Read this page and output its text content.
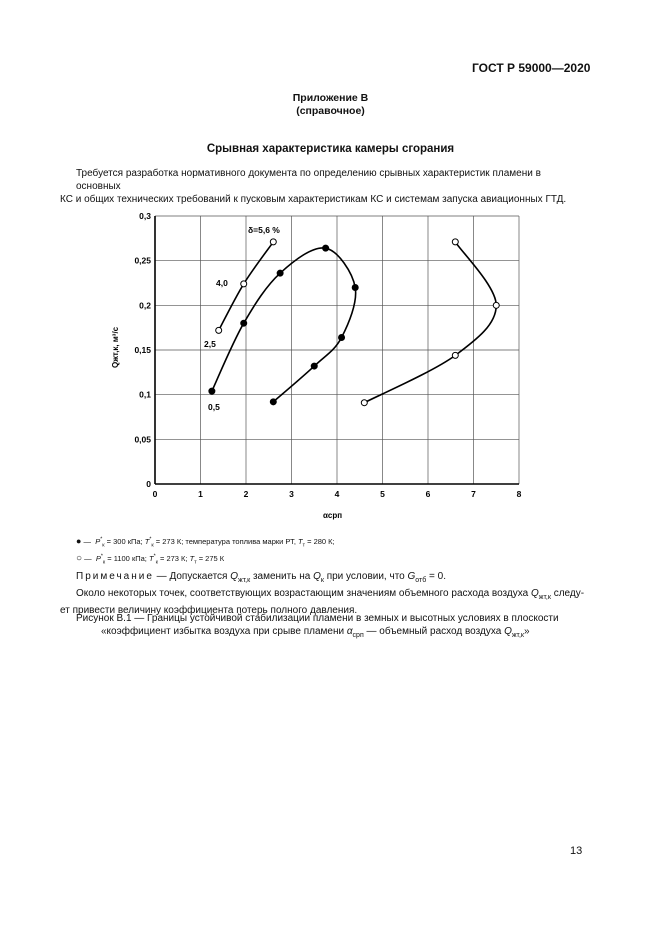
ГОСТ Р 59000—2020
Приложение В
(справочное)
Срывная характеристика камеры сгорания
Требуется разработка нормативного документа по определению срывных характеристик пламени в основных
КС и общих технических требований к пусковым характеристикам КС и системам запуска авиационных ГТД.
0	1	2	3	4	5	6	7	8
0
0,05
0,1
0,15
0,2
0,25
0,3
αсрп
Qжт,к, м³/с
δ=5,6 %
4,0
2,5
0,5
● — $P^*_к = 300$ кПа; $T^*_к = 273$ К; температура топлива марки РТ, $T_т = 280$ К;
○ — $P^*_к = 1100$ кПа; $T^*_к = 273$ К; $T_т = 275$ К
Примечание — Допускается $Q_{жт,к}$ заменить на $Q_к$ при условии, что $G_{отб} = 0$.
Около некоторых точек, соответствующих возрастающим значениям объемного расхода воздуха $Q_{жт,к}$ следу-
ет привести величину коэффициента потерь полного давления.
Рисунок В.1 — Границы устойчивой стабилизации пламени в земных и высотных условиях в плоскости
«коэффициент избытка воздуха при срыве пламени $\alpha_{срп}$ — объемный расход воздуха $Q_{жт,к}$»
13
